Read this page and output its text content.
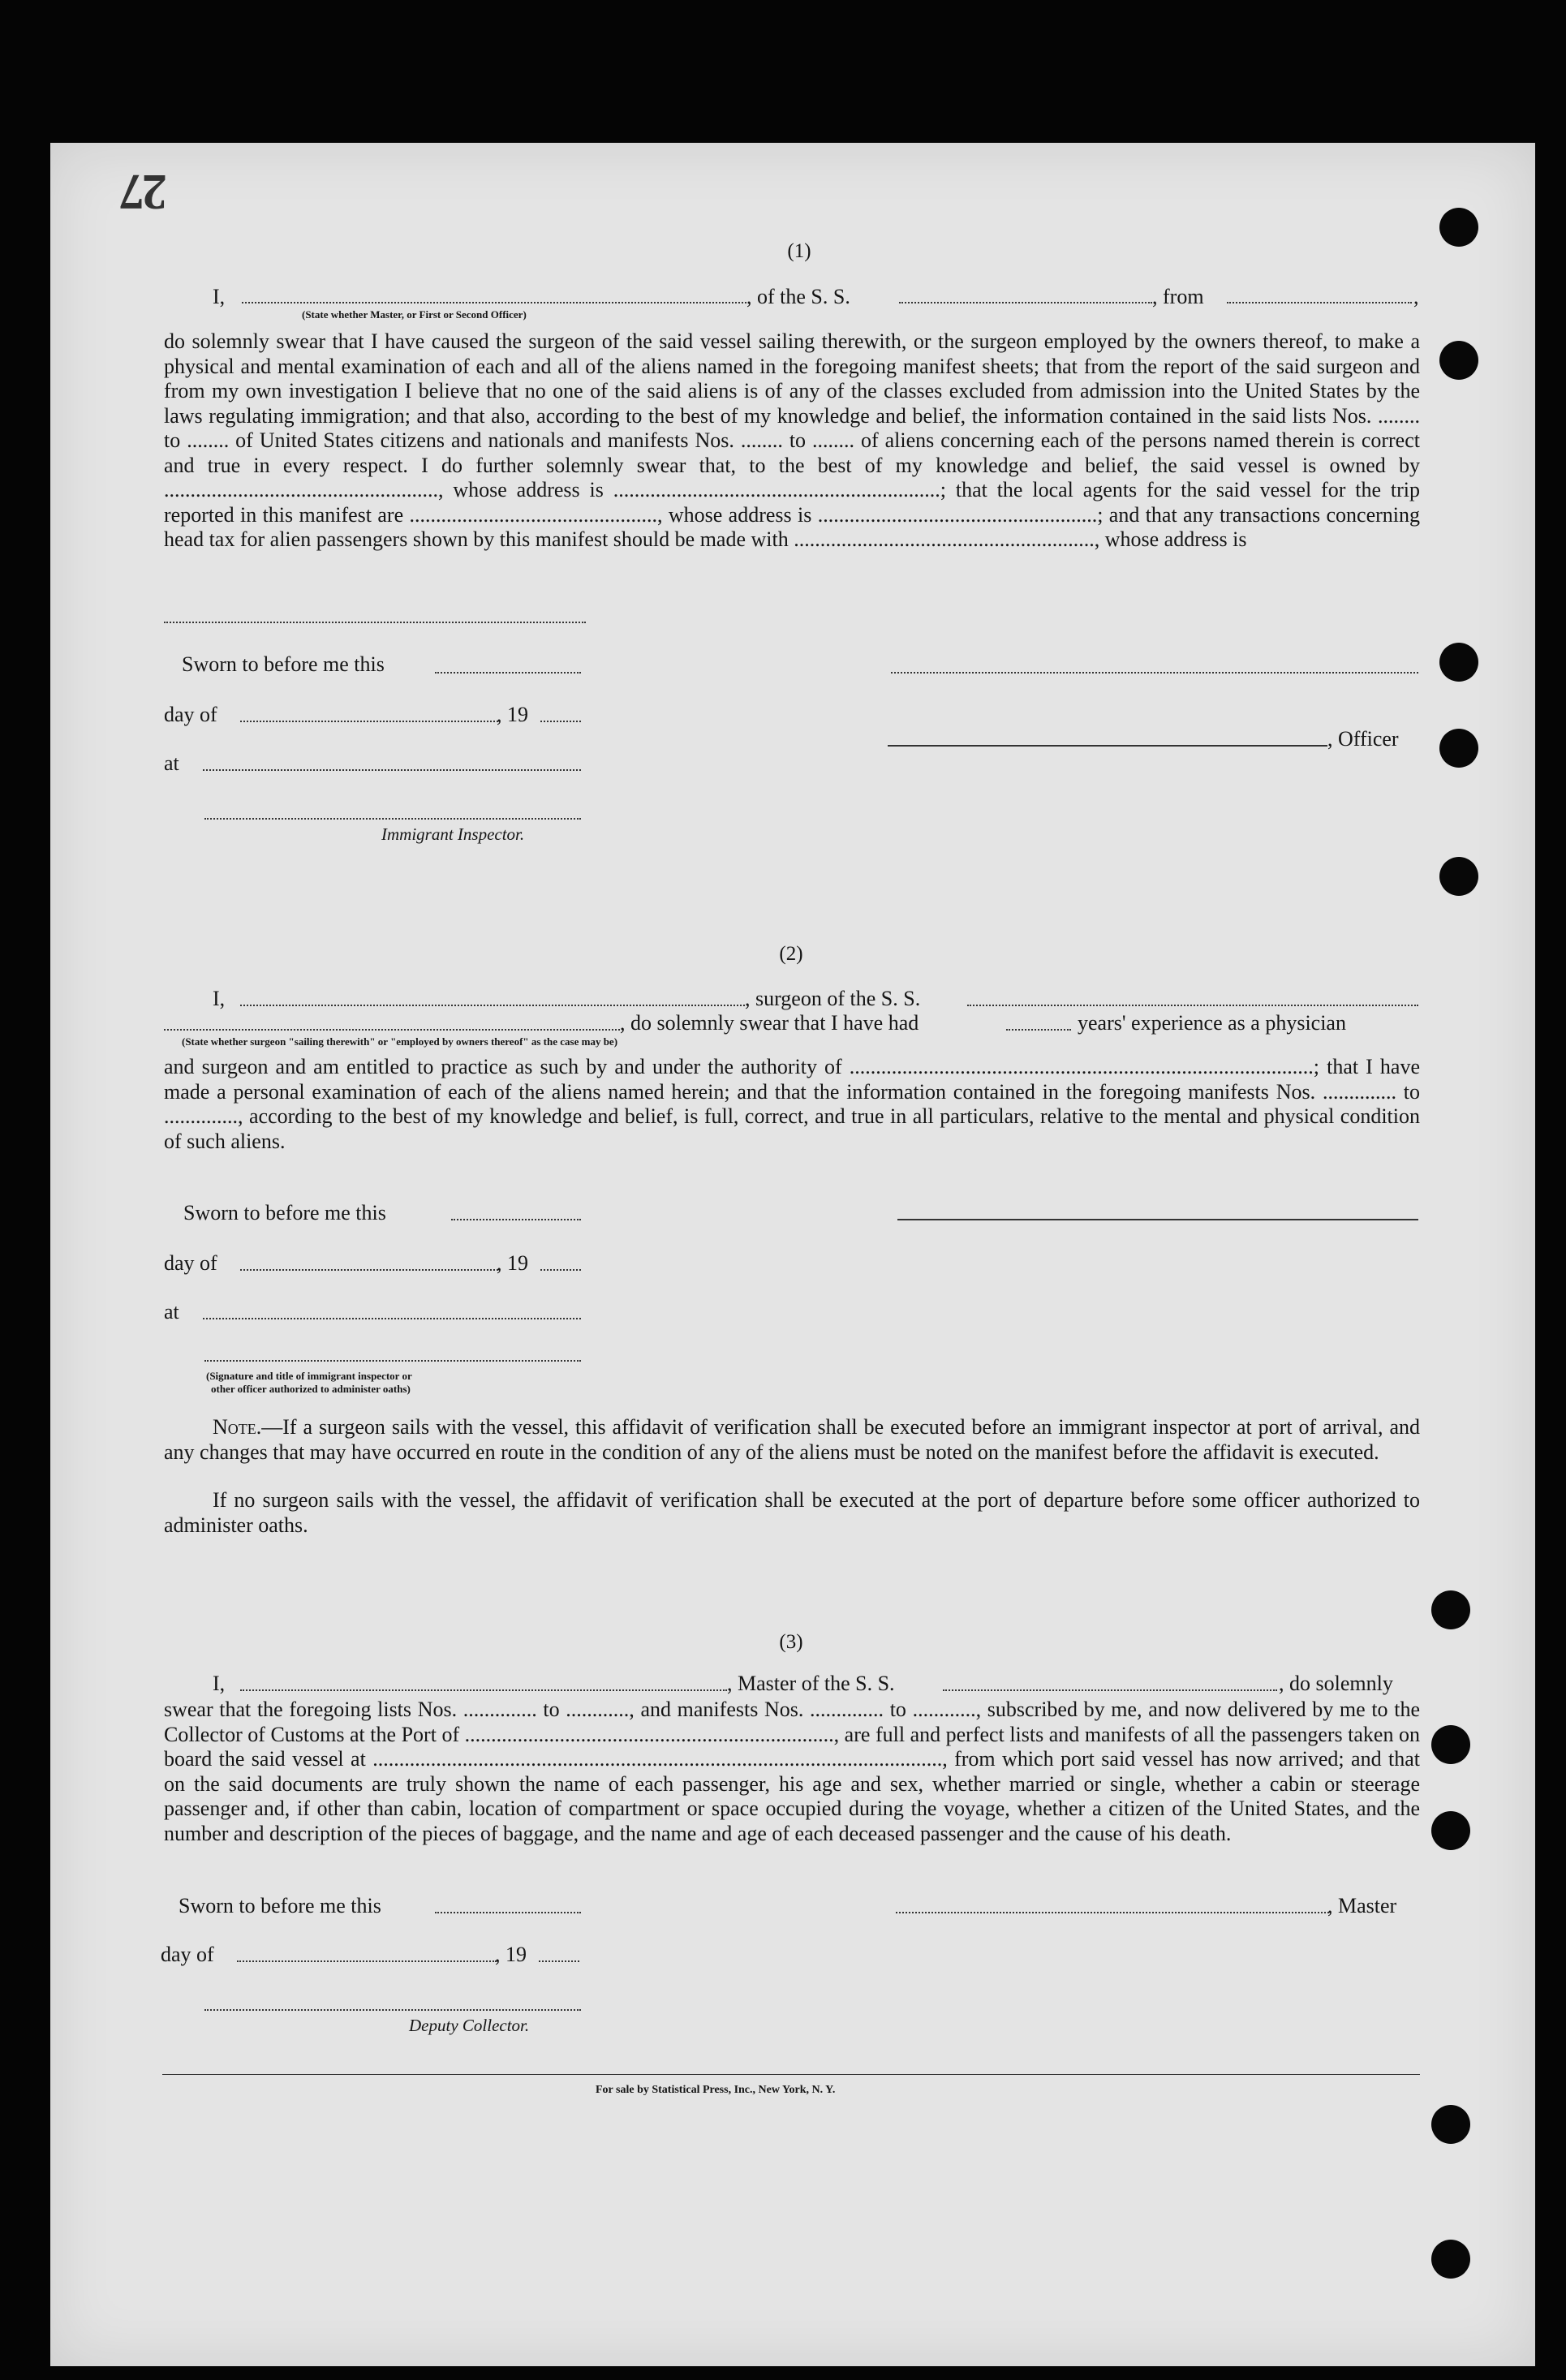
27
(1)
I,	, of the S. S.	, from	,
(State whether Master, or First or Second Officer)
do solemnly swear that I have caused the surgeon of the said vessel sailing therewith, or the surgeon employed by the owners thereof, to make a physical and mental examination of each and all of the aliens named in the foregoing manifest sheets; that from the report of the said surgeon and from my own investigation I believe that no one of the said aliens is of any of the classes excluded from admission into the United States by the laws regulating immigration; and that also, according to the best of my knowledge and belief, the information contained in the said lists Nos. ........ to ........ of United States citizens and nationals and manifests Nos. ........ to ........ of aliens concerning each of the persons named therein is correct and true in every respect. I do further solemnly swear that, to the best of my knowledge and belief, the said vessel is owned by ...................................................., whose address is ..............................................................; that the local agents for the said vessel for the trip reported in this manifest are ..............................................., whose address is .....................................................; and that any transactions concerning head tax for alien passengers shown by this manifest should be made with ........................................................., whose address is
Sworn to before me this
day of	, 19
, Officer
at
Immigrant Inspector.
(2)
I,	, surgeon of the S. S.
, do solemnly swear that I have had	years' experience as a physician
(State whether surgeon "sailing therewith" or "employed by owners thereof" as the case may be)
and surgeon and am entitled to practice as such by and under the authority of ........................................................................................; that I have made a personal examination of each of the aliens named herein; and that the information contained in the foregoing manifests Nos. .............. to .............., according to the best of my knowledge and belief, is full, correct, and true in all particulars, relative to the mental and physical condition of such aliens.
Sworn to before me this
day of	, 19
at
(Signature and title of immigrant inspector or
other officer authorized to administer oaths)
Note.—If a surgeon sails with the vessel, this affidavit of verification shall be executed before an immigrant inspector at port of arrival, and any changes that may have occurred en route in the condition of any of the aliens must be noted on the manifest before the affidavit is executed.
If no surgeon sails with the vessel, the affidavit of verification shall be executed at the port of departure before some officer authorized to administer oaths.
(3)
I,	, Master of the S. S.	, do solemnly
swear that the foregoing lists Nos. .............. to ............, and manifests Nos. .............. to ............, subscribed by me, and now delivered by me to the Collector of Customs at the Port of ......................................................................, are full and perfect lists and manifests of all the passengers taken on board the said vessel at ............................................................................................................, from which port said vessel has now arrived; and that on the said documents are truly shown the name of each passenger, his age and sex, whether married or single, whether a cabin or steerage passenger and, if other than cabin, location of compartment or space occupied during the voyage, whether a citizen of the United States, and the number and description of the pieces of baggage, and the name and age of each deceased passenger and the cause of his death.
Sworn to before me this	, Master
day of	, 19
Deputy Collector.
For sale by Statistical Press, Inc., New York, N. Y.
